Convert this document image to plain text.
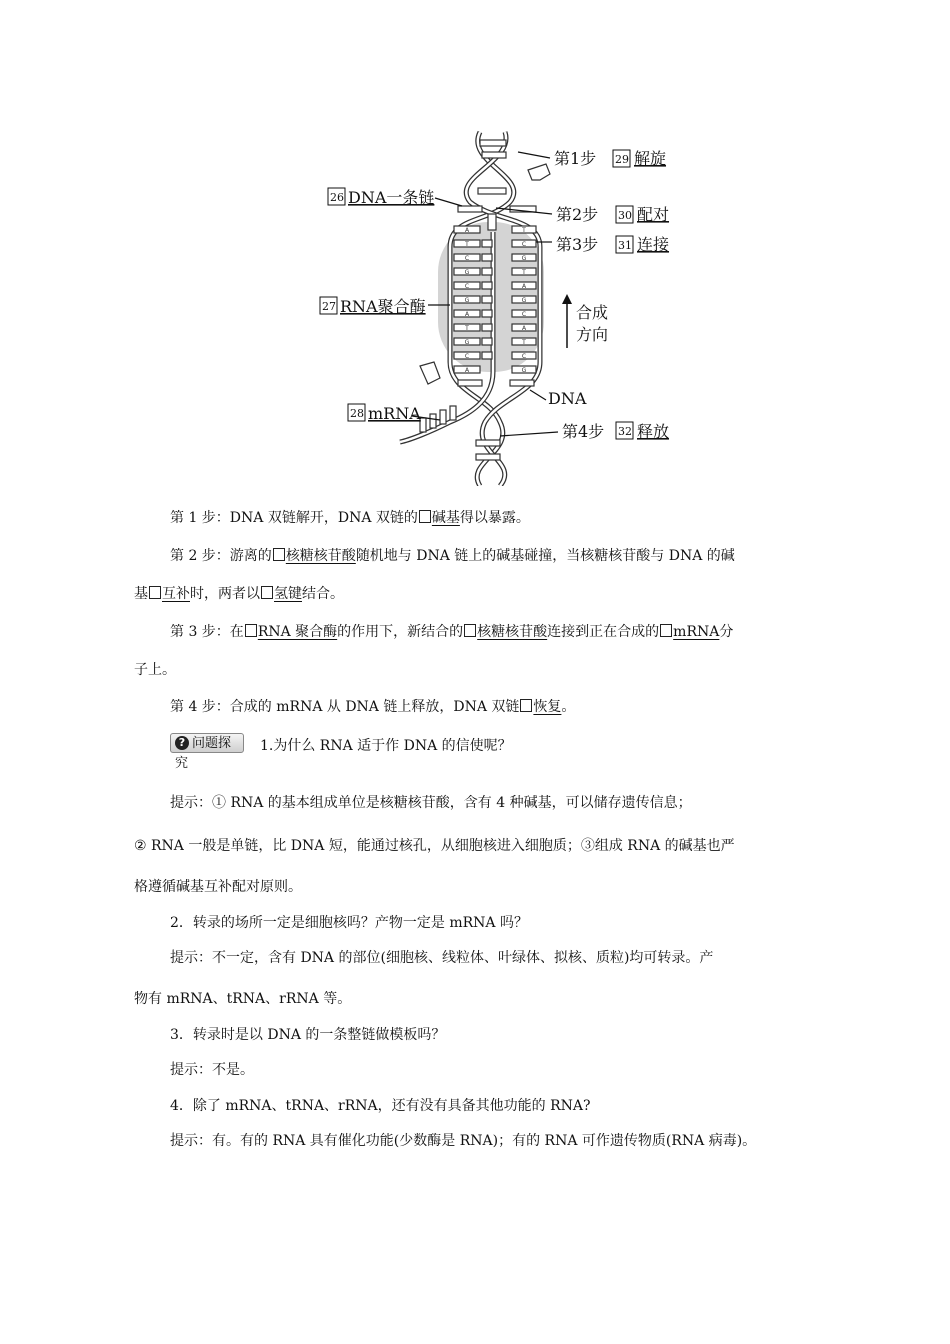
26
27
28
29
30
31
32
DNA一条链
RNA聚合酶
mRNA
第1步 解旋
第2步 配对
第3步 连接
合成
方向
DNA
第4步 释放
A
T
C
G
C
G
A
T
G
C
A
T
C
G
T
A
G
C
A
T
C
G
第 1 步：DNA 双链解开，DNA 双链的 碱基得以暴露。
第 2 步：游离的 核糖核苷酸随机地与 DNA 链上的碱基碰撞，当核糖核苷酸与 DNA 的碱
基 互补时，两者以 氢键结合。
第 3 步：在 RNA 聚合酶的作用下，新结合的 核糖核苷酸连接到正在合成的 mRNA分
子上。
第 4 步：合成的 mRNA 从 DNA 链上释放，DNA 双链 恢复。
? 问题探究
1.为什么 RNA 适于作 DNA 的信使呢？
提示：① RNA 的基本组成单位是核糖核苷酸，含有 4 种碱基，可以储存遗传信息；
② RNA 一般是单链，比 DNA 短，能通过核孔，从细胞核进入细胞质；③组成 RNA 的碱基也严
格遵循碱基互补配对原则。
2．转录的场所一定是细胞核吗？产物一定是 mRNA 吗？
提示：不一定，含有 DNA 的部位(细胞核、线粒体、叶绿体、拟核、质粒)均可转录。产
物有 mRNA、tRNA、rRNA 等。
3．转录时是以 DNA 的一条整链做模板吗？
提示：不是。
4．除了 mRNA、tRNA、rRNA，还有没有具备其他功能的 RNA?
提示：有。有的 RNA 具有催化功能(少数酶是 RNA)；有的 RNA 可作遗传物质(RNA 病毒)。
